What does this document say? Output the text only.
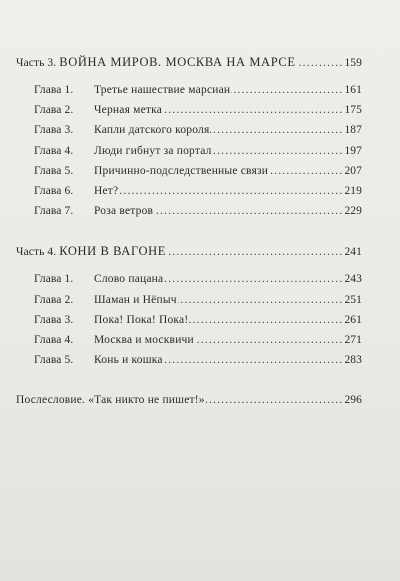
Часть 3. ВОЙНА МИРОВ. МОСКВА НА МАРСЕ .....	159
Глава 1.	Третье нашествие марсиан .....	161
Глава 2.	Черная метка .....	175
Глава 3.	Капли датского короля .....	187
Глава 4.	Люди гибнут за портал .....	197
Глава 5.	Причинно-подследственные связи .....	207
Глава 6.	Нет? .....	219
Глава 7.	Роза ветров .....	229
Часть 4. КОНИ В ВАГОНЕ .....	241
Глава 1.	Слово пацана .....	243
Глава 2.	Шаман и Нёпыч .....	251
Глава 3.	Пока! Пока! Пока! .....	261
Глава 4.	Москва и москвичи .....	271
Глава 5.	Конь и кошка .....	283
Послесловие. «Так никто не пишет!» .....	296
